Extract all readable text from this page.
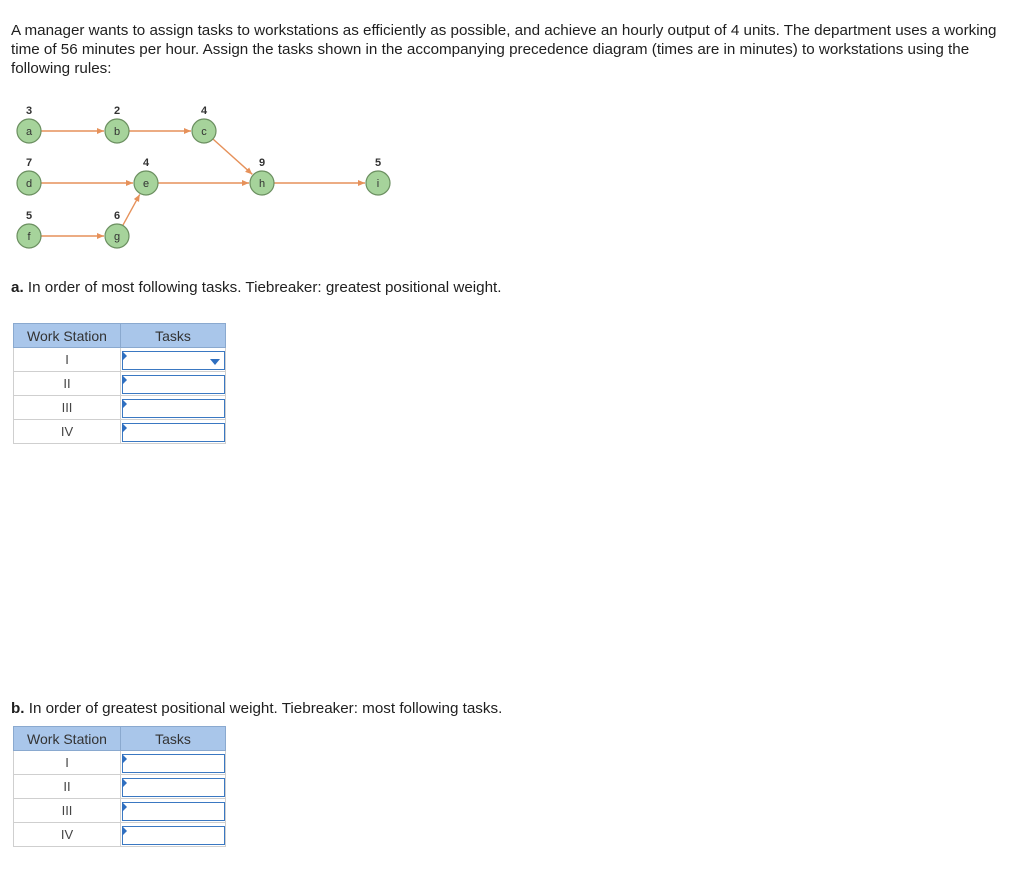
A manager wants to assign tasks to workstations as efficiently as possible, and achieve an hourly output of 4 units. The department uses a working time of 56 minutes per hour. Assign the tasks shown in the accompanying precedence diagram (times are in minutes) to workstations using the following rules:

a
3
b
2
c
4
d
7
e
4
h
9
i
5
f
5
g
6

a. In order of most following tasks. Tiebreaker: greatest positional weight.

Work Station	Tasks
I	

II	

III	

IV	

b. In order of greatest positional weight. Tiebreaker: most following tasks.

Work Station	Tasks
I	

II	

III	

IV	
